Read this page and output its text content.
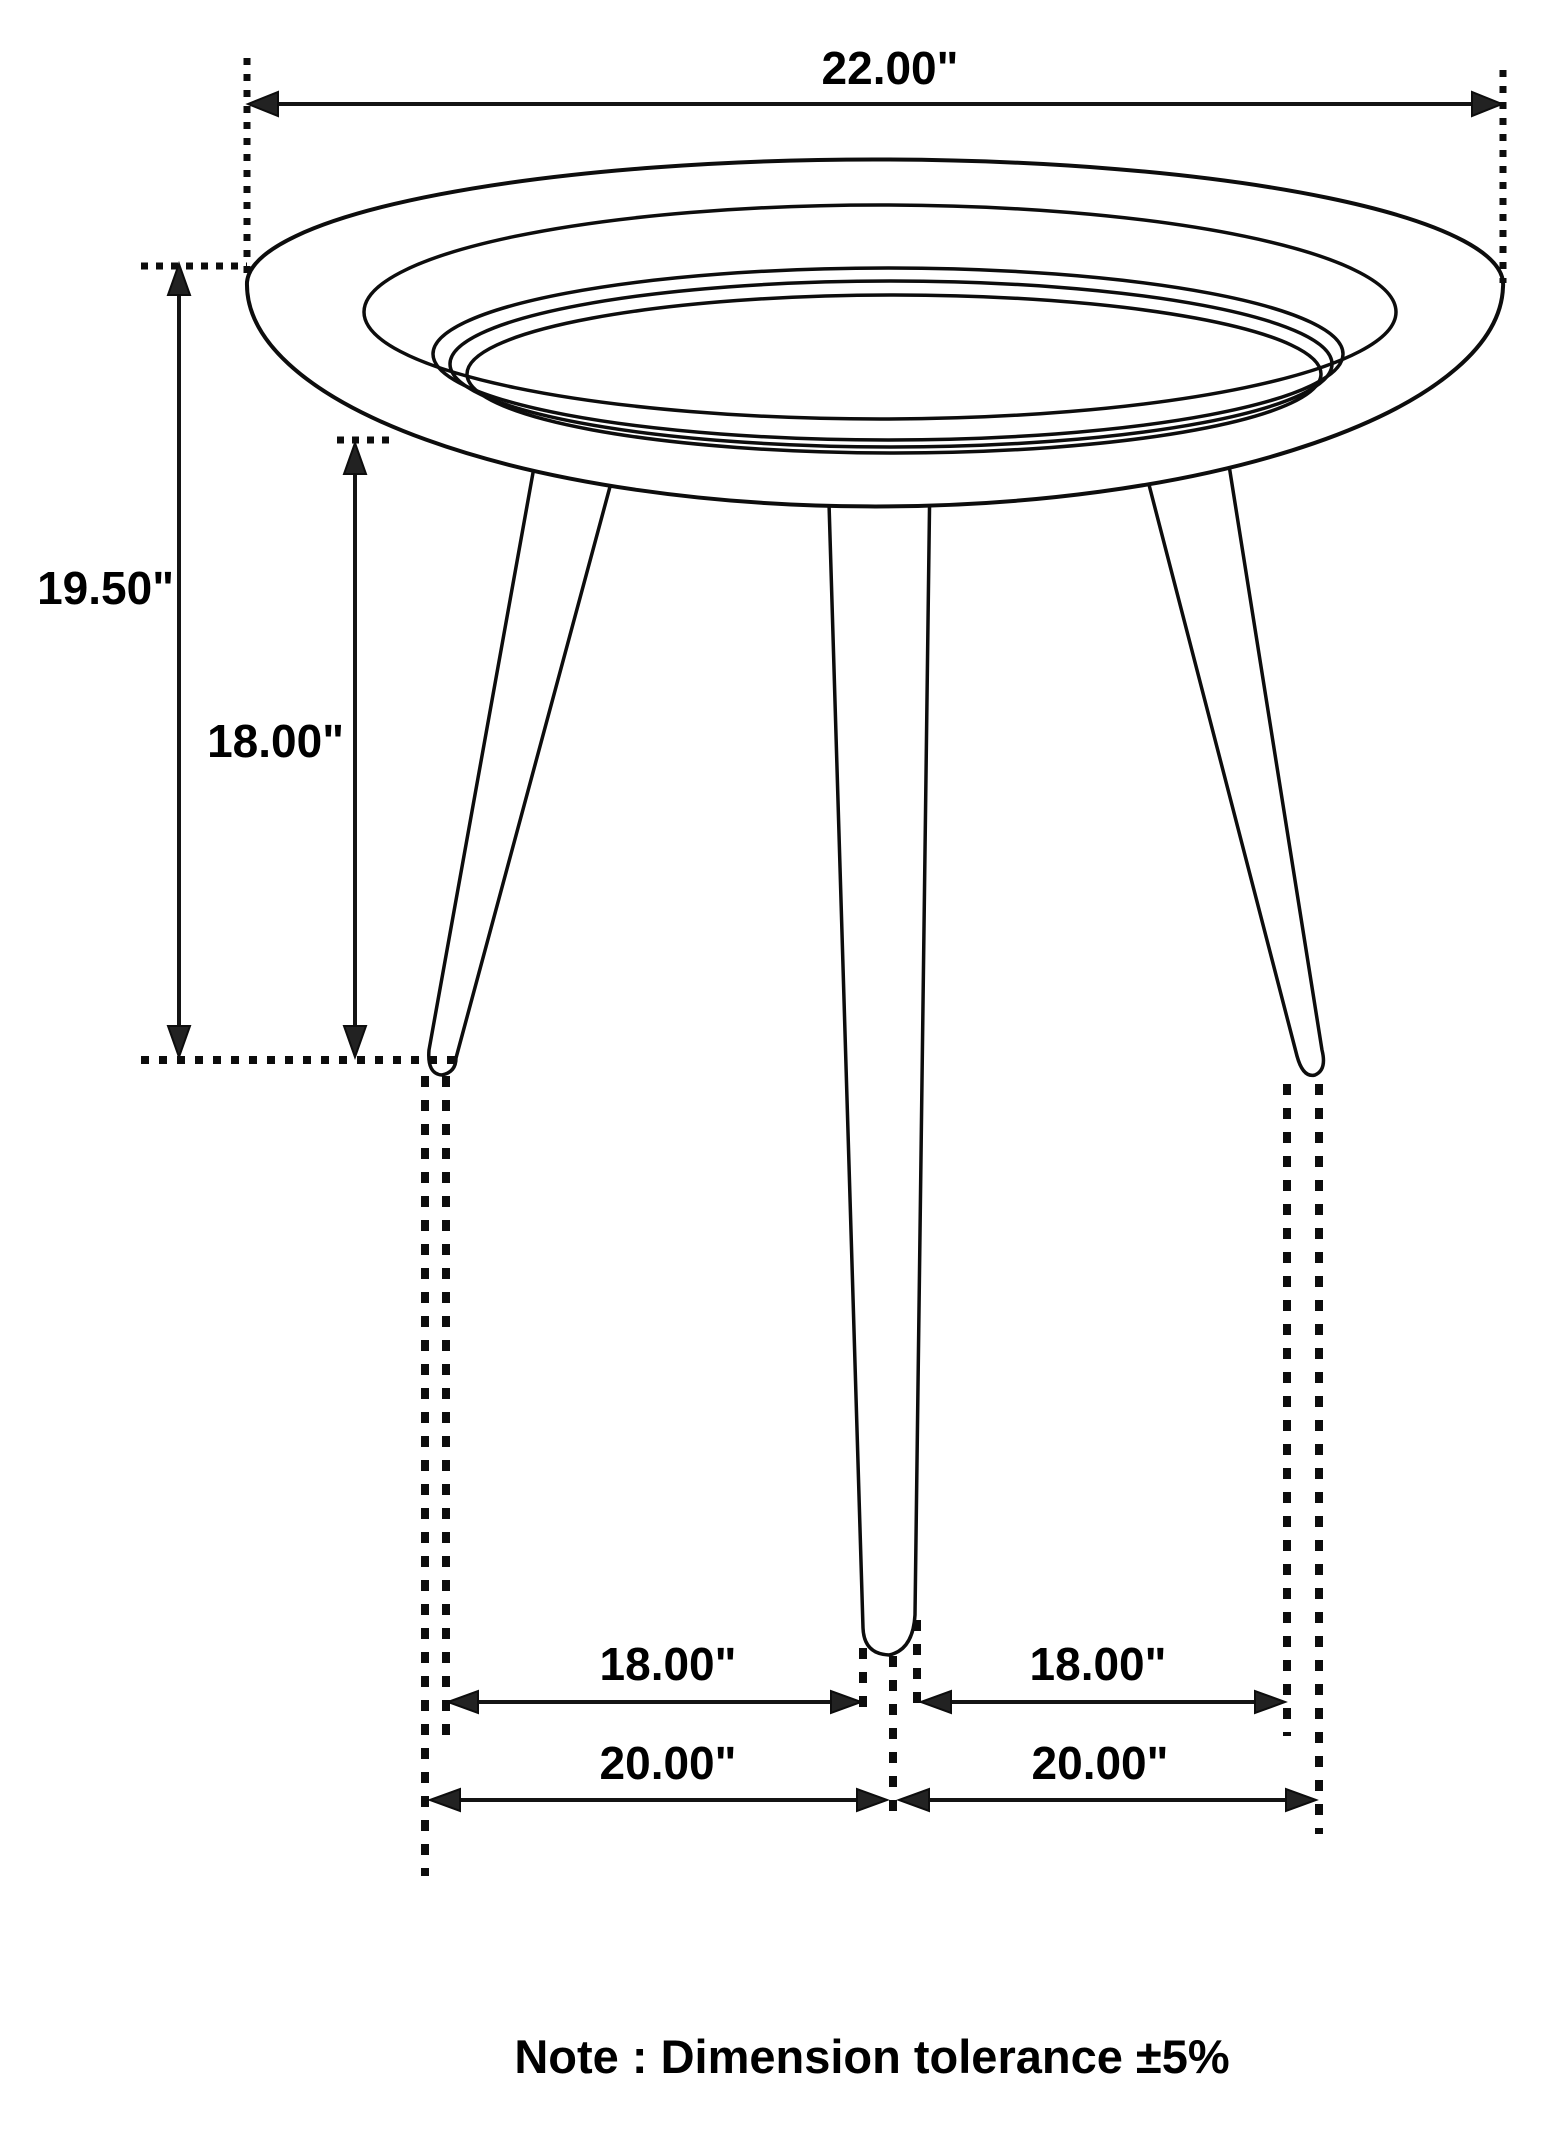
22.00"
19.50"
18.00"
18.00"	18.00"
20.00"	20.00"
Note : Dimension tolerance ±5%
